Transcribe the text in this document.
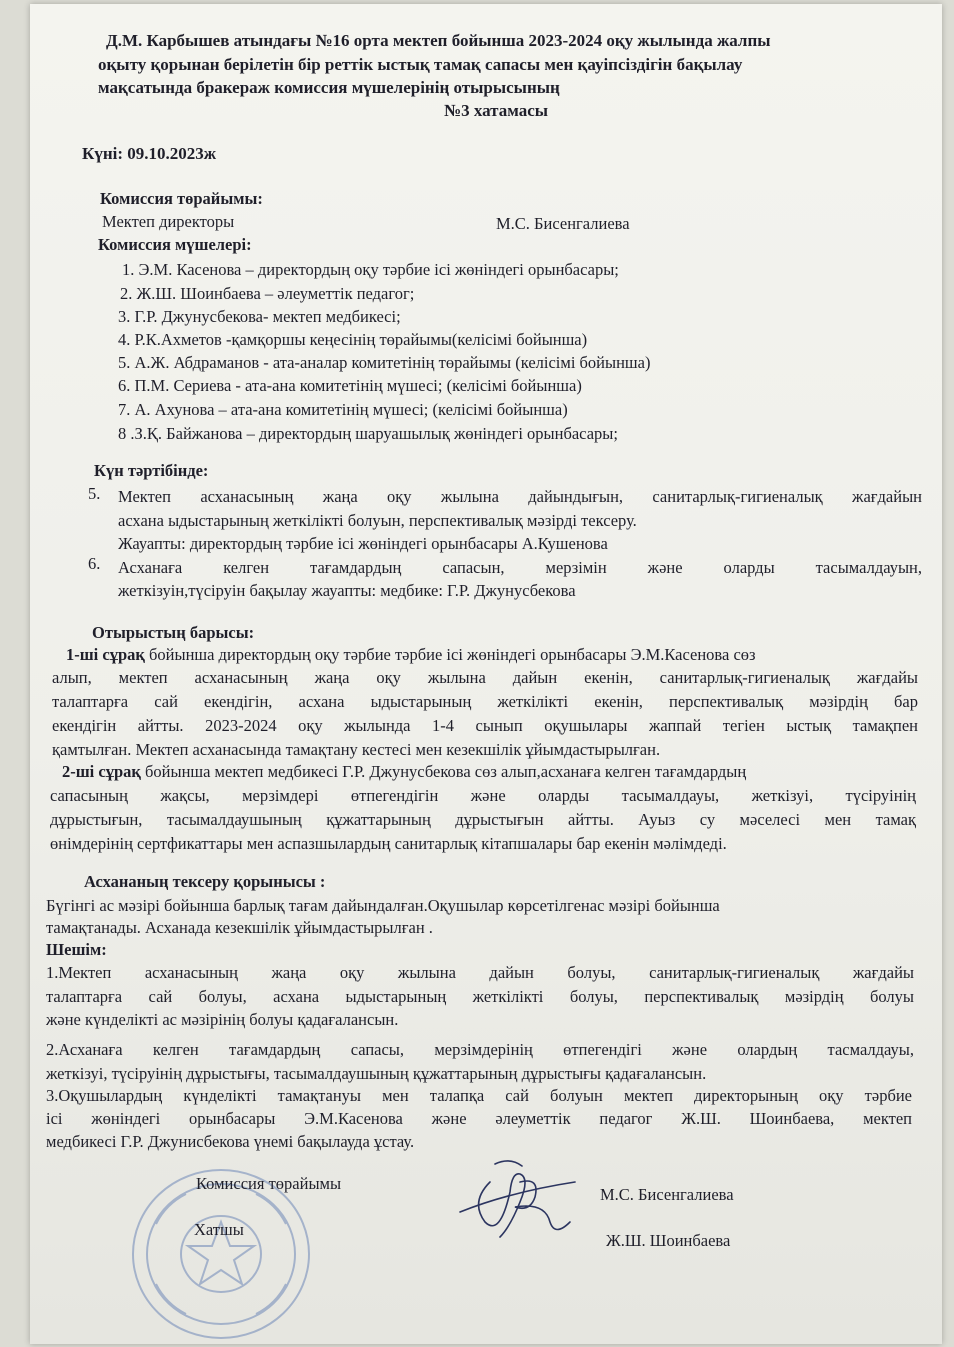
Д.М. Карбышев атындағы №16 орта мектеп бойынша 2023-2024 оқу жылында жалпы
оқыту қорынан берілетін бір реттік ыстық тамақ сапасы мен қауіпсіздігін бақылау
мақсатында бракераж комиссия мүшелерінің отырысының
№3 хатамасы
Күні: 09.10.2023ж
Комиссия төрайымы:
Мектеп директоры	М.С. Бисенгалиева
Комиссия мүшелері:
1. Э.М. Касенова – директордың оқу тәрбие ісі жөніндегі орынбасары;
2. Ж.Ш. Шоинбаева – әлеуметтік педагог;
3. Г.Р. Джунусбекова- мектеп медбикесі;
4. Р.К.Ахметов -қамқоршы кеңесінің төрайымы(келісімі бойынша)
5. А.Ж. Абдраманов - ата-аналар комитетінің төрайымы (келісімі бойынша)
6. П.М. Сериева - ата-ана комитетінің мүшесі; (келісімі бойынша)
7. А. Ахунова – ата-ана комитетінің мүшесі; (келісімі бойынша)
8 .З.Қ. Байжанова – директордың шаруашылық жөніндегі орынбасары;
Күн тәртібінде:
5. Мектеп асханасының жаңа оқу жылына дайындығын, санитарлық-гигиеналық жағдайын
асхана ыдыстарының жеткілікті болуын, перспективалық мәзірді тексеру.
Жауапты: директордың тәрбие ісі жөніндегі орынбасары А.Кушенова
6. Асханаға келген тағамдардың сапасын, мерзімін және оларды тасымалдауын,
жеткізуін,түсіруін бақылау жауапты: медбике: Г.Р. Джунусбекова
Отырыстың барысы:
1-ші сұрақ бойынша директордың оқу тәрбие тәрбие ісі жөніндегі орынбасары Э.М.Касенова сөз
алып, мектеп асханасының жаңа оқу жылына дайын екенін, санитарлық-гигиеналық жағдайы
талаптарға сай екендігін, асхана ыдыстарының жеткілікті екенін, перспективалық мәзірдің бар
екендігін айтты. 2023-2024 оқу жылында 1-4 сынып оқушылары жаппай тегіен ыстық тамақпен
қамтылған. Мектеп асханасында тамақтану кестесі мен кезекшілік ұйымдастырылған.
2-ші сұрақ бойынша мектеп медбикесі Г.Р. Джунусбекова сөз алып,асханаға келген тағамдардың
сапасының жақсы, мерзімдері өтпегендігін және оларды тасымалдауы, жеткізуі, түсіруінің
дұрыстығын, тасымалдаушының құжаттарының дұрыстығын айтты. Ауыз су мәселесі мен тамақ
өнімдерінің сертфикаттары мен аспазшылардың санитарлық кітапшалары бар екенін мәлімдеді.
Асхананың тексеру қорынысы :
Бүгінгі ас мәзірі бойынша барлық тағам дайындалған.Оқушылар көрсетілгенас мәзірі бойынша
тамақтанады. Асханада кезекшілік ұйымдастырылған .
Шешім:
1.Мектеп асханасының жаңа оқу жылына дайын болуы, санитарлық-гигиеналық жағдайы
талаптарға сай болуы, асхана ыдыстарының жеткілікті болуы, перспективалық мәзірдің болуы
және күнделікті ас мәзірінің болуы қадағалансын.
2.Асханаға келген тағамдардың сапасы, мерзімдерінің өтпегендігі және олардың тасмалдауы,
жеткізуі, түсіруінің дұрыстығы, тасымалдаушының құжаттарының дұрыстығы қадағалансын.
3.Оқушылардың күнделікті тамақтануы мен талапқа сай болуын мектеп директорының оқу тәрбие
ісі жөніндегі орынбасары Э.М.Касенова және әлеуметтік педагог Ж.Ш. Шоинбаева, мектеп
медбикесі Г.Р. Джунисбекова үнемі бақылауда ұстау.
Комиссия төрайымы
Хатшы
М.С. Бисенгалиева
Ж.Ш. Шоинбаева
